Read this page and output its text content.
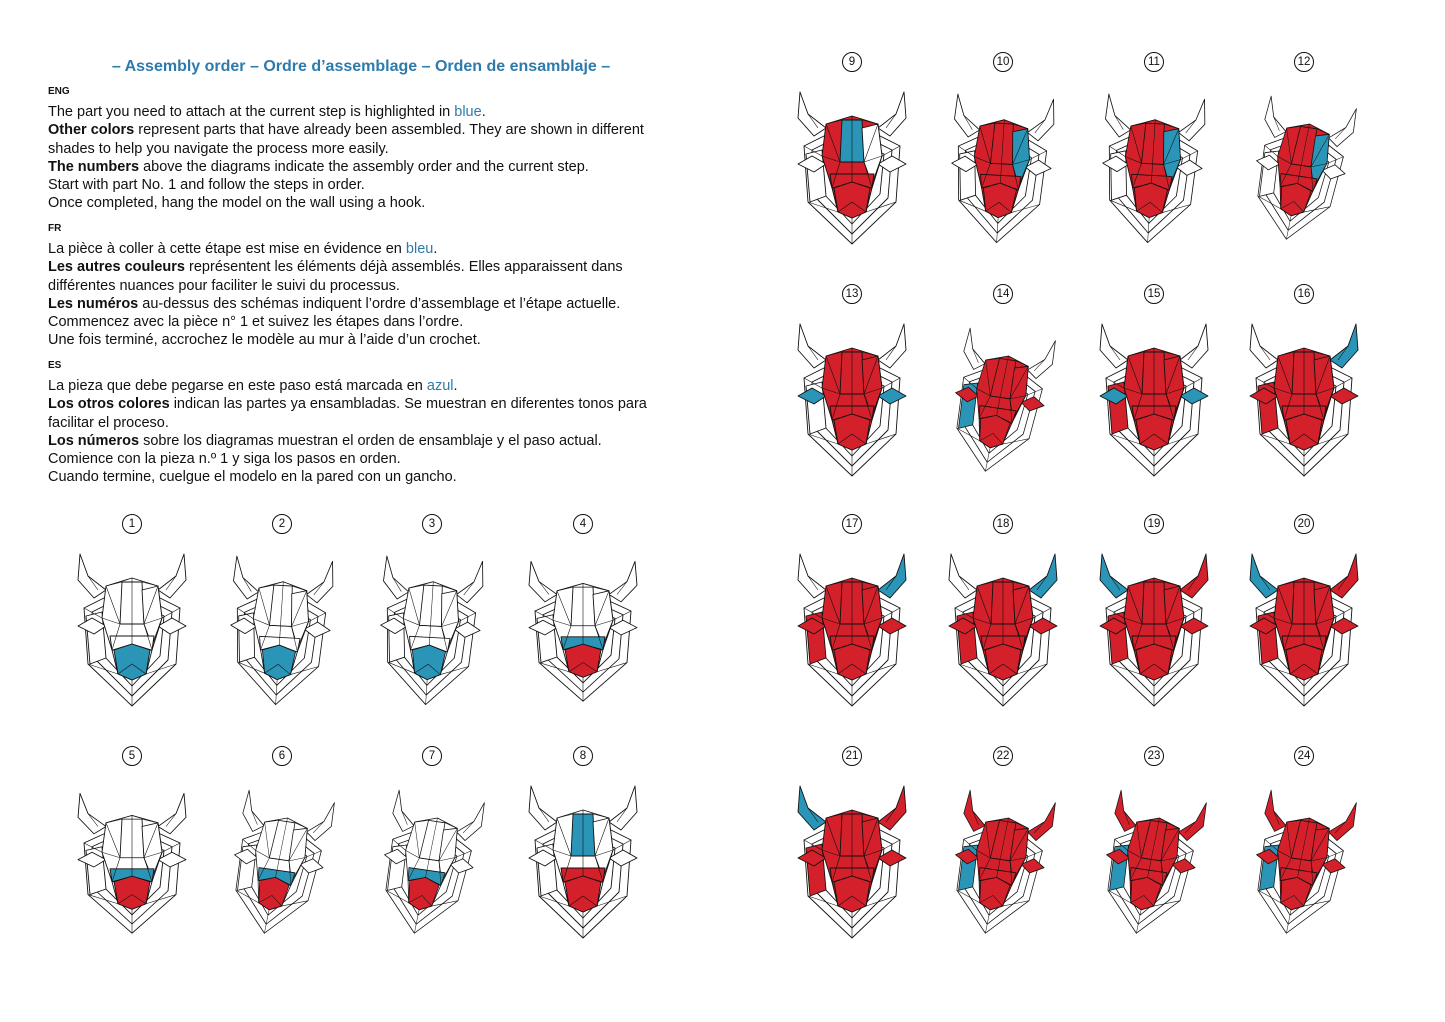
– Assembly order – Ordre d’assemblage – Orden de ensamblaje –
ENG

The part you need to attach at the current step is highlighted in blue.

Other colors represent parts that have already been assembled. They are shown in different

shades to help you navigate the process more easily.

The numbers above the diagrams indicate the assembly order and the current step.

Start with part No. 1 and follow the steps in order.

Once completed, hang the model on the wall using a hook.

FR

La pièce à coller à cette étape est mise en évidence en bleu.

Les autres couleurs représentent les éléments déjà assemblés. Elles apparaissent dans

différentes nuances pour faciliter le suivi du processus.

Les numéros au-dessus des schémas indiquent l’ordre d’assemblage et l’étape actuelle.

Commencez avec la pièce n° 1 et suivez les étapes dans l’ordre.

Une fois terminé, accrochez le modèle au mur à l’aide d’un crochet.

ES

La pieza que debe pegarse en este paso está marcada en azul.

Los otros colores indican las partes ya ensambladas. Se muestran en diferentes tonos para

facilitar el proceso.

Los números sobre los diagramas muestran el orden de ensamblaje y el paso actual.

Comience con la pieza n.º 1 y siga los pasos en orden.

Cuando termine, cuelgue el modelo en la pared con un gancho.

1	2	3	4
5	6	7	8
9	10	11	12
13	14	15	16
17	18	19	20
21	22	23	24
